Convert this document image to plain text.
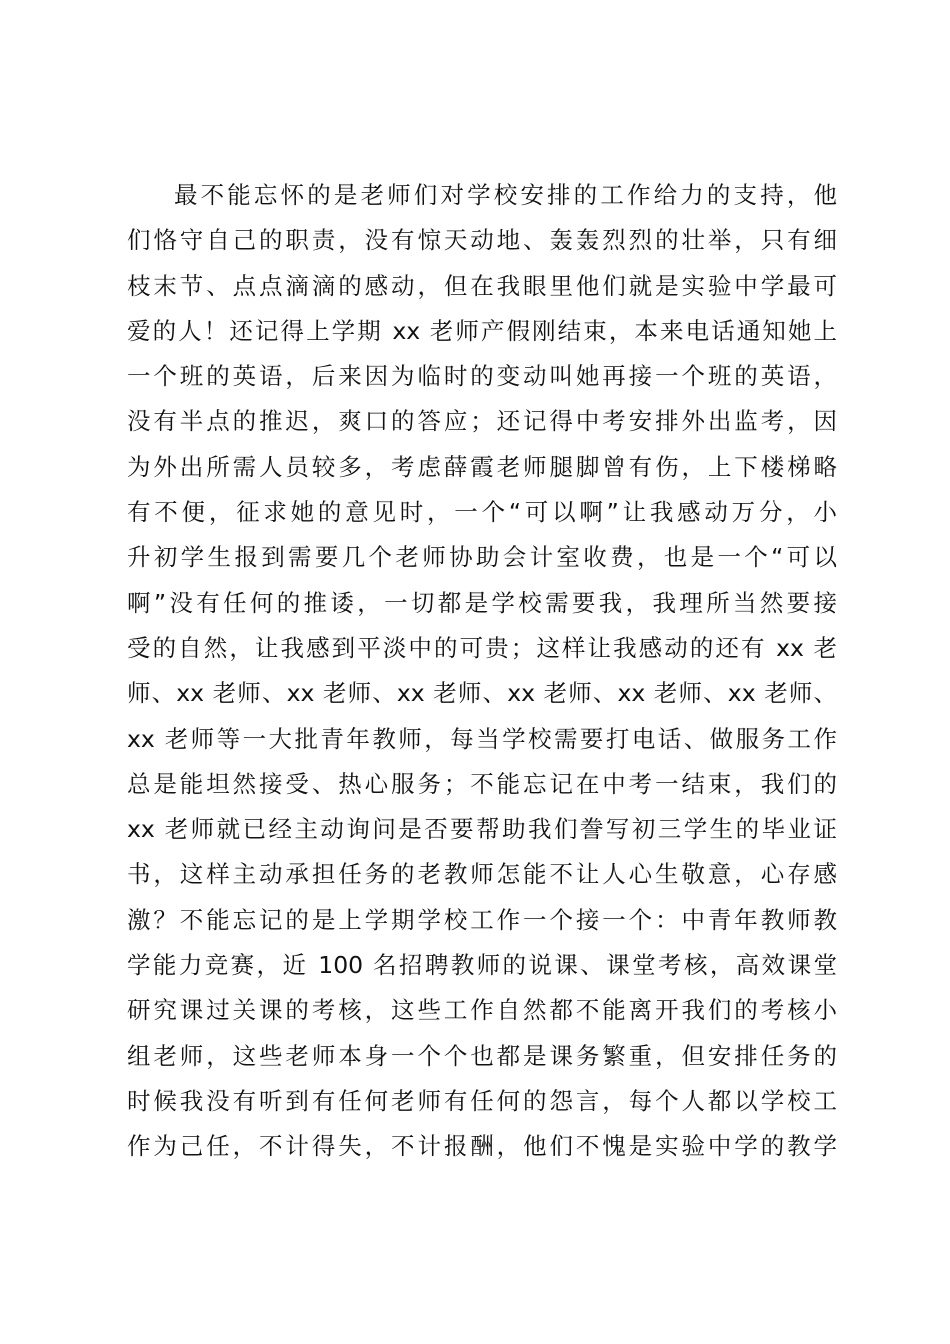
最不能忘怀的是老师们对学校安排的工作给力的支持，他
们恪守自己的职责，没有惊天动地、轰轰烈烈的壮举，只有细
枝末节、点点滴滴的感动，但在我眼里他们就是实验中学最可
爱的人！还记得上学期 xx 老师产假刚结束，本来电话通知她上
一个班的英语，后来因为临时的变动叫她再接一个班的英语，
没有半点的推迟，爽口的答应；还记得中考安排外出监考，因
为外出所需人员较多，考虑薛霞老师腿脚曾有伤，上下楼梯略
有不便，征求她的意见时，一个“可以啊”让我感动万分，小
升初学生报到需要几个老师协助会计室收费，也是一个“可以
啊”没有任何的推诿，一切都是学校需要我，我理所当然要接
受的自然，让我感到平淡中的可贵；这样让我感动的还有 xx 老
师、xx 老师、xx 老师、xx 老师、xx 老师、xx 老师、xx 老师、
xx 老师等一大批青年教师，每当学校需要打电话、做服务工作
总是能坦然接受、热心服务；不能忘记在中考一结束，我们的
xx 老师就已经主动询问是否要帮助我们誊写初三学生的毕业证
书，这样主动承担任务的老教师怎能不让人心生敬意，心存感
激？不能忘记的是上学期学校工作一个接一个：中青年教师教
学能力竞赛，近 100 名招聘教师的说课、课堂考核，高效课堂
研究课过关课的考核，这些工作自然都不能离开我们的考核小
组老师，这些老师本身一个个也都是课务繁重，但安排任务的
时候我没有听到有任何老师有任何的怨言，每个人都以学校工
作为己任，不计得失，不计报酬，他们不愧是实验中学的教学
